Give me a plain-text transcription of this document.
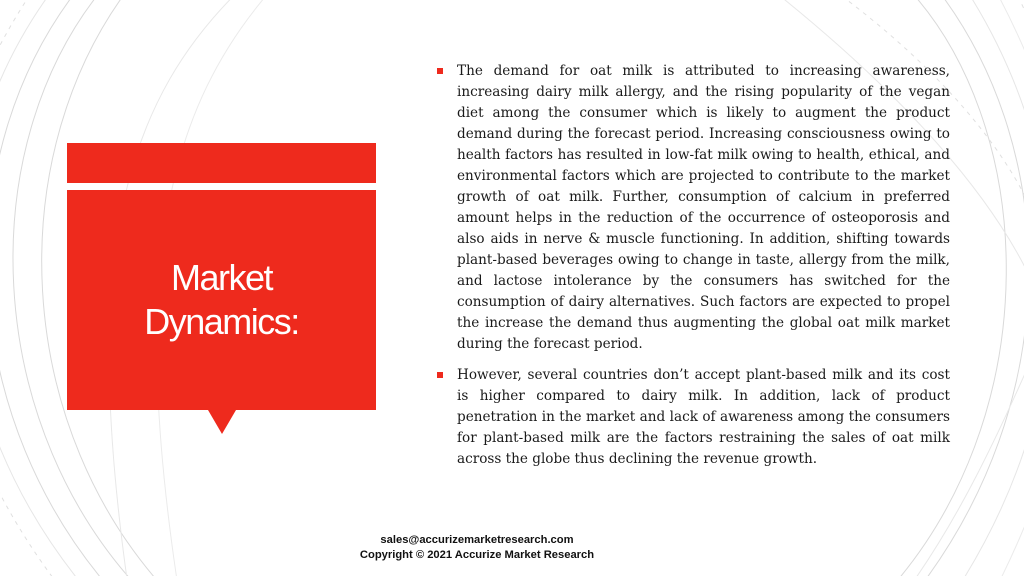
Market
Dynamics:
The demand for oat milk is attributed to increasing awareness, increasing dairy milk allergy, and the rising popularity of the vegan diet among the consumer which is likely to augment the product demand during the forecast period. Increasing consciousness owing to health factors has resulted in low-fat milk owing to health, ethical, and environmental factors which are projected to contribute to the market growth of oat milk. Further, consumption of calcium in preferred amount helps in the reduction of the occurrence of osteoporosis and also aids in nerve & muscle functioning. In addition, shifting towards plant-based beverages owing to change in taste, allergy from the milk, and lactose intolerance by the consumers has switched for the consumption of dairy alternatives. Such factors are expected to propel the increase the demand thus augmenting the global oat milk market during the forecast period.
However, several countries don’t accept plant-based milk and its cost is higher compared to dairy milk. In addition, lack of product penetration in the market and lack of awareness among the consumers for plant-based milk are the factors restraining the sales of oat milk across the globe thus declining the revenue growth.
sales@accurizemarketresearch.com
Copyright © 2021 Accurize Market Research
